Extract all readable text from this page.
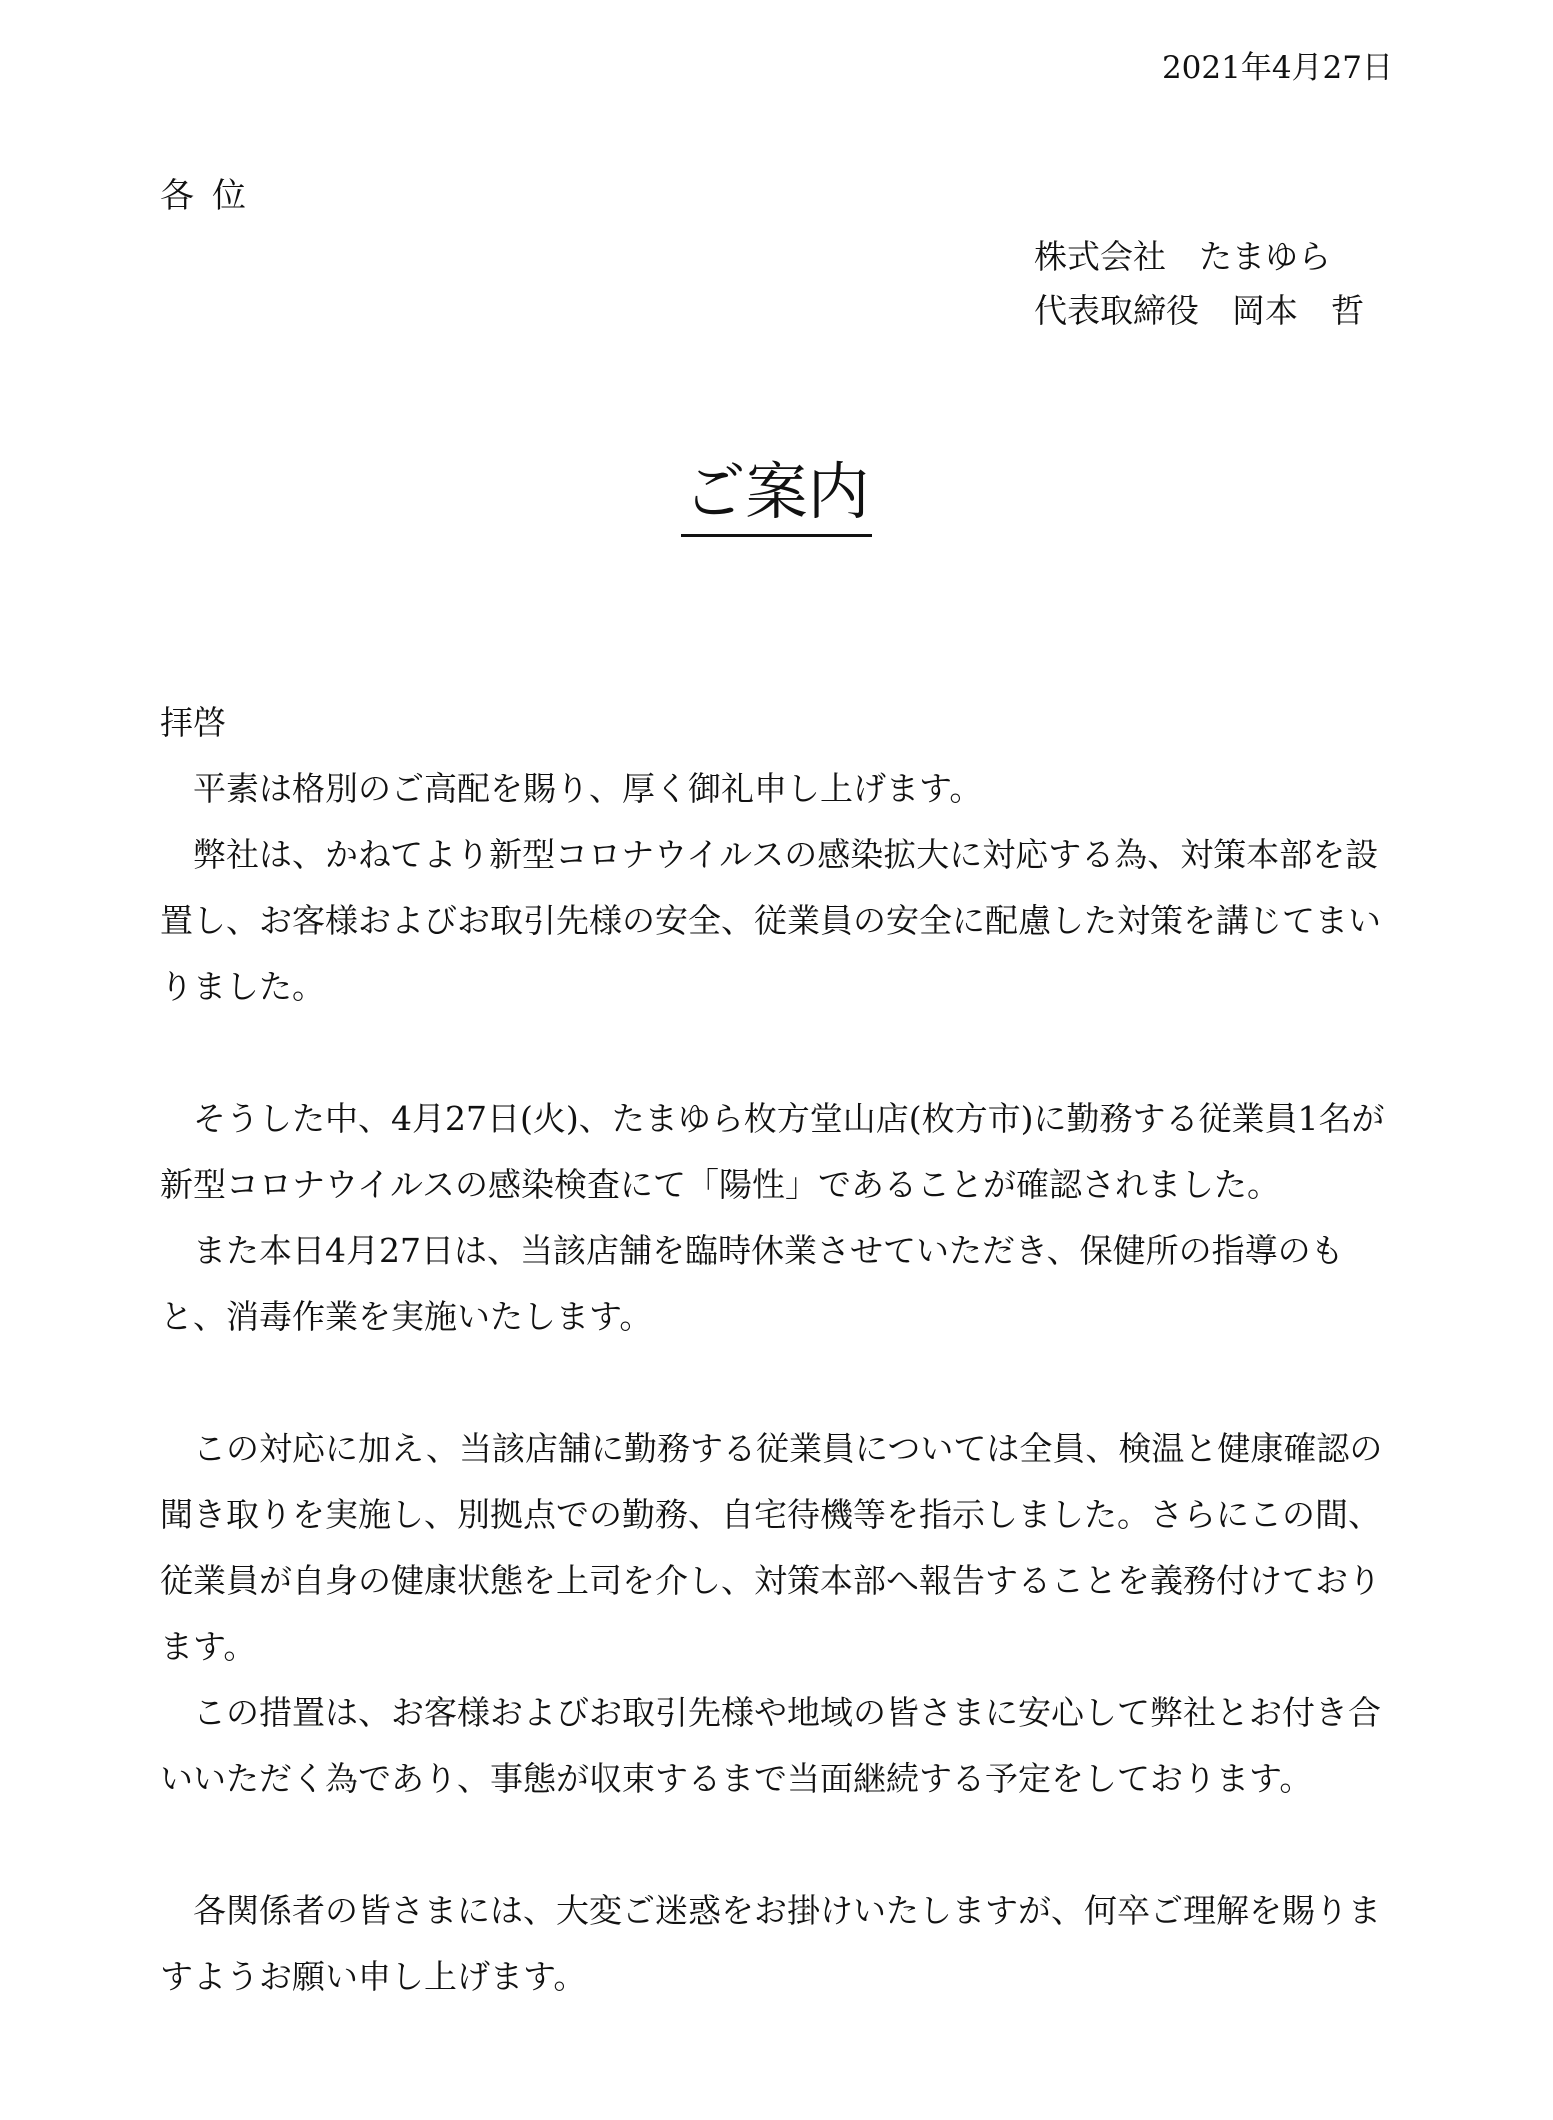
2021年4月27日
各位
株式会社　たまゆら
代表取締役　岡本　哲
ご案内

拝啓

　平素は格別のご高配を賜り、厚く御礼申し上げます。

　弊社は、かねてより新型コロナウイルスの感染拡大に対応する為、対策本部を設置し、お客様およびお取引先様の安全、従業員の安全に配慮した対策を講じてまいりました。

　そうした中、4月27日(火)、たまゆら枚方堂山店(枚方市)に勤務する従業員1名が新型コロナウイルスの感染検査にて「陽性」であることが確認されました。

　また本日4月27日は、当該店舗を臨時休業させていただき、保健所の指導のもと、消毒作業を実施いたします。

　この対応に加え、当該店舗に勤務する従業員については全員、検温と健康確認の聞き取りを実施し、別拠点での勤務、自宅待機等を指示しました。さらにこの間、従業員が自身の健康状態を上司を介し、対策本部へ報告することを義務付けております。

　この措置は、お客様およびお取引先様や地域の皆さまに安心して弊社とお付き合いいただく為であり、事態が収束するまで当面継続する予定をしております。

　各関係者の皆さまには、大変ご迷惑をお掛けいたしますが、何卒ご理解を賜りますようお願い申し上げます。
